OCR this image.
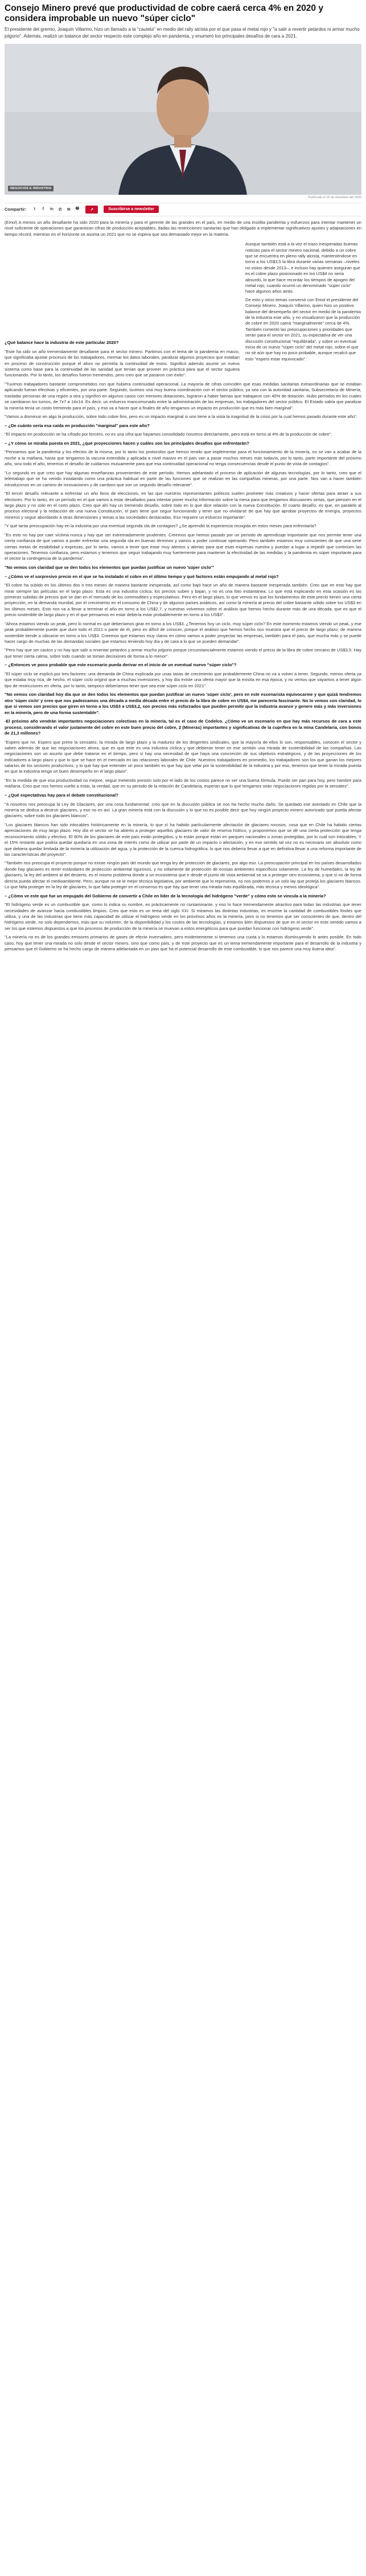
Consejo Minero prevé que productividad de cobre caerá cerca 4% en 2020 y considera improbable un nuevo "súper ciclo"

El presidente del gremio, Joaquín Villarino, hizo un llamado a la "cautela" en medio del rally alcista por el que pasa el metal rojo y "a salir a revertir petardos ni armar mucho jolgorio". Además, realizó un balance del sector respecto este complejo año en pandemia, y enumeró los principales desafíos de cara a 2021.

NEGOCIOS E INDUSTRIA
Publicado el 18 de diciembre del 2020
Compartir:	t	f	in ✆ ✉ 🖶	↗	Suscribirse a newsletter

(Emol) A menos un año desafiante ha sido 2020 para la minería y para el gerente de las grandes en el país, en medio de una insólita pandemia y esfuerzos para intentar mantener un nivel suficiente de operaciones que garantizan cifras de producción aceptables, dadas las restricciones sanitarias que han obligado a implementar significativos ajustes y adaptaciones en tiempo récord, mientras en el horizonte se asoma un 2021 que no se espera que sea demasiado mejor en la materia.

Aunque también está a la vez el trazo inesperadas buenas noticias para el sector minero nacional, debido a un cobre que se encuentra en pleno rally alcista, manteniéndose en torno a los US$3,5 la libra durante varias semanas –niveles no vistos desde 2013–, e incluso hay quienes aseguran que es el cobre plazo posicionado en los US$4 no sería absurdo, lo que hace recordar los tiempos de apogeo del metal rojo, cuando ocurrió un denominado "súper ciclo" hace algunos años atrás.

De esto y otros temas conversó con Emol el presidente del Consejo Minero, Joaquín Villarino, quien hizo un positivo balance del desempeño del sector en medio de la pandemia de la industria este año, y no visualizaron que la producción de cobre en 2020 caerá "marginalmente" cerca de 4%. También comentó las preocupaciones y prioridades que serán para el sector en 2021, su expectativa de ver una discusión constitucional "equilibrada", y sobre un eventual inicio de un nuevo "súper ciclo" del metal rojo, sobre el que no sé aún que hay no poco probable, aunque recalcó que esto "espero estar equivocado".

¿Qué balance hace la industria de este particular 2020?

"Este ha sido un año tremendamente desafiante para el sector minero. Partimos con el tema de la pandemia en marzo, que significaba ajustar procesos de los trabajadores, mermar los datos laborales, paralizar algunos proyectos que estaban en proceso de construcción porque el aforo no permitía la continuidad de estos. Significó además asumir un nuevo sistema como base para la continuidad de las sanidad que tenían que proveer en práctica para que el sector siguiera funcionando. Por lo tanto, los desafíos fueron tremendos, pero creo que se pasaron con éxito".

"Tuvimos trabajadores bastante comprometidos con que hubiera continuidad operacional. La mayoría de cifras coinciden que esas medidas sanitarias extraordinarias que se estaban aplicando fueran efectivas y eficientes, por una parte. Segundo, tuvimos una muy buena coordinación con el sector público, ya sea con la autoridad sanitaria, Subsecretaría de Minería, trasladar personas de una región a otra y significó en algunos casos con menores dotaciones, lograron a haber faenas que trabajaron con 40% de dotación. Hubo períodos en los cuales se cambiaron los turnos, de 7x7 a 14x14. Es decir, un esfuerzo mancomunado entre la administración de las empresas, los trabajadores del sector público. El Estado sabía que paralizar la minería tenía un costo tremendo para el país, y eso va a hacer que a finales de año tengamos un impacto en producción que es más bien marginal".

"Vamos a disminuir en algo la producción, sobre todo cobre fino, pero es un impacto marginal si uno tiene a la vista la magnitud de la crisis por la cual hemos pasado durante este año".

– ¿De cuánto sería esa caída en producción "marginal" para este año?

"El impacto en producción se ha cifrado por tercero, no es una cifra que hayamos consolidado nosotros directamente, pero está en torno al 4% de la producción de cobre".

– ¿Y cómo se miraba puesta en 2021, ¿qué proyecciones hacen y cuáles son los principales desafíos que enfrentarán?

"Pensamos que la pandemia y los efectos de la misma, por lo tanto los protocolos que hemos tenido que implementar para el funcionamiento de la minería, no se van a acabar de la noche a la mañana, hasta que tengamos la vacuna extendida y aplicada a nivel masivo en el país van a pasar muchos meses más todavía, por lo tanto, parte importante del próximo año, sino todo el año, tenemos el desafío de cuidarnos mutuamente para que esa continuidad operacional no tenga consecuencias desde el punto de vista de contagios".

"Lo segundo es que creo que hay algunas enseñanzas provenientes de este período. Hemos adelantado el proceso de aplicación de algunas tecnologías, por lo tanto, creo que el teletrabajo que se ha venido instalando como una práctica habitual en parte de las funciones que se realizan en las compañías mineras, por una parte. Nos van a hacer también introducirnos en un camino de innovaciones y de cambios que son un segundo desafío relevante".

"El tercer desafío relevante a enfrentar un año lleno de elecciones, en las que nuestros representantes políticos suelen prometer más creativos y hacer ofertas para atraer a sus electores. Por lo tanto, en un período en el que vamos a estar desafiados para intentar poner mucha información sobre la mesa para que tengamos discusiones serias, que piensen en el largo plazo y no solo en el corto plazo. Creo que ahí hay un tremendo desafío, sobre todo en lo que dice relación con la nueva Constitución. El cuarto desafío, es que, en paralelo al proceso electoral y la redacción de una nueva Constitución, el país tiene que seguir funcionando y tener que no olvidarse de que hay que aprobar proyectos de energía, proyectos mineros y seguir abordando a otras dimensiones y temas a las sociedades destacadas. Eso requiere un esfuerzo importante".

"Y qué tanta preocupación hay en la industria por una eventual segunda ola de contagios? ¿Se aprendió la experiencia recogida en estos meses para enfrentarla?

"Es esto no hay por caer víctima nunca y hay que ser extremadamente prudentes. Creemos que hemos pasado por un período de aprendizaje importante que nos permite tener una cierta confianza de que vamos a poder enfrentar una segunda ola en buenas términos y vamos a poder continuar operando. Pero también estamos muy conscientes de que una serie ciertas metas de estabilidad y expresas, por lo tanto, vamos a tener que estar muy atentos y alertas para que esas expresas nuestra y puedan a lugar a impedir que continúen las operaciones. Tenemos confianza, pero estamos y tenemos que seguir trabajando muy fuertemente para mantener la efectividad de las medidas y la pandemia es súper importante para el sector la contingencia de la pandemia".

"No vemos con claridad que se den todos los elementos que puedan justificar un nuevo 'súper ciclo'"

– ¿Cómo ve el sorpresivo precio en el que se ha instalado el cobre en el último tiempo y qué factores están empujando al metal rojo?

"El cobre ha subido en los últimos dos o tres meses de manera bastante inesperada, así como bajó hace un año de manera bastante inesperada también. Creo que en esto hay que mirar siempre las películas en el largo plazo. Esta es una industria cíclica, los precios suben y bajan, y no es una foto instantánea. Lo que está explicando en esta ocasión es las primeras subidas de precios que se dan en el mercado de los commodities y especulativos. Pero en el largo plazo, lo que vemos es que los fundamentos de este precio tienen una cierta proyección, en la demanda mundial, por el crecimiento en el consumo de China y de algunos países asiáticos, así como la minería al precio del cobre bastante sólido sobre los US$3 en los últimos meses. Esto nos va a llevar a terminar el año en torno a los US$2,7, y nuestras volvemos sobre el análisis que hemos hecho durante más de una década, que es que el precio sostenible de largo plazo y en el que pensamos en estar debería estar probablemente en torno a los US$3".

"Ahora estamos viendo un peak, pero lo normal es que deberíamos girar en torno a los US$3. ¿Tenemos hoy un ciclo, muy súper ciclo? En este momento estamos viendo un peak, y ese peak probablemente puede que dure todo el 2021 o parte de él, pero es difícil de conocer, porque el análisis que hemos hecho nos muestra que el precio de largo plazo, de manera sostenible tiende a ubicarse en torno a los US$3. Creemos que estamos muy claros en cómo vamos a poder proyectar las empresas, también para el país, que mucha más y se puede hacer cargo de muchas de las demandas sociales que estamos teniendo hoy día y de cara a lo que se pueden demandar".

"Pero hay que ser cautos y no hay que salir a reventar petardos y armar mucho jolgorio porque circunstancialmente estamos viendo el precio de la libra de cobre cercano de US$3,5. Hay que tener cierta calma, sobre todo cuando se toman decisiones de forma a lo menor".

– ¿Entonces ve poco probable que este escenario pueda derivar en el inicio de un eventual nuevo "súper ciclo"?

"El súper ciclo se explicó por tres factores: una demanda de China explicada por unas tasas de crecimiento que probablemente China no va a volver a tener. Segundo, menos oferta ya que estaba muy rica, de hecho, el súper ciclo originó que a muchas inversiones, y hoy día existe una oferta mayor que la existía en esa época, y no vemos que vayamos a tener algún tipo de restricciones en oferta, por lo tanto, tampoco deberíamos tener que sea este súper ciclo en 2021".

"No vemos con claridad hoy día que se den todos los elementos que puedan justificar un nuevo 'súper ciclo', pero en este escenarista equivocarme y que quizá tendremos otro 'súper ciclo' y creo que nos padezcamos una década a media década entre el precio de la libra de cobre en US$4, me parecería fascinante. No lo vemos con claridad, lo que si vemos son precios que giren en torno a los US$3 a US$3,2, son precios más esforzados que pueden permitir que la industria avance y genere más y más inversiones en la minería, pero de una forma sustentable".

-El próximo año vendrán importantes negociaciones colectivas en la minería, tal es el caso de Codelco. ¿Cómo ve un escenario en que hay más recursos de cara a este proceso, considerando el valor justamente del cobre en este buen precio del cobre, 2 (Mineras) importantes y significativas de la cuprífera en la mina Candelaria, con bonos de 21,3 millones?

"Espero que no. Espero que prime la sensatez, la mirada de largo plazo y la madurez de los dirigentes sindicales, que la mayoría de ellos lo son, responsables, conocen el sector y saben además de que las negociaciones ahora, que es que este es una industria cíclica y que debieran tener en ese sentido una mirada de sostenibilidad de las compañías. Las negociaciones son un asunto que debe tratarse en el tiempo, pero sí hay una necesidad de que haya una concreción de sus objetivos estratégicos, y de las proyecciones de los indicadores a largo plazo y que lo que se hace en el mercado en las relaciones laborales de Chile. Nuestros trabajadores en promedio, los trabajadores son los que ganan los mejores salarios de los sectores productivos, y lo que hay que entender un poco también es que hay que velar por la sostenibilidad de la industria y por eso, tenemos que tener la mirada puesta en que la industria tenga un buen desempeño en el largo plazo".

"En la medida de que esa productividad no mejore, seguir metiendo presión solo por el lado de los costos parece no ser una buena fórmula. Puedo ser pan para hoy, pero hambre para mañana. Creo que nos hemos vuelto a estar, la verdad, que en su periodo de la relación de Candelaria, esperan que lo que tengamos sean negociaciones regidas por la sensatez".

– ¿Qué expectativas hay para el debate constitucional?

"A nosotros nos preocupa la Ley de Glaciares, por una cosa fundamental: creo que en la discusión pública se nos ha hecho mucho daño. Se quedado ese asentado en Chile que la minería se dedica a destruir glaciares, y eso no es así. La gran minería está con la discusión y lo que no es posible decir que hoy ningún proyecto minero autorizado que pueda afectar glaciares, sobre todo los glaciares blancos".

"Los glaciares blancos han sido intocables históricamente en la minería, lo que sí ha habido partícularmente afectación de glaciares rocosos, cosa que en Chile ha habido ciertas apreciaciones de muy largo plazo. Hoy día el sector se ha abierto a proteger aquellos glaciares de valor de reserva hídrico, y proponemos que se dé una cierta protección que tenga reconocimiento sólido y efectivo. El 80% de los glaciares de este país están protegidos, y lo están porque están en parques nacionales o zonas protegidas, por lo cual son intocables. Y el 15% restante que podría quedar quedaría en una zona de interés como de utilizar por parte de un impacto o afectación, y en ese sentido tal vez no es necesario ser absoluto como que debiera quedar limitada de la minería la utilización del agua, y la protección de la cuenca hidrográfica, lo que nos debería llevar a que en definitiva llevar a una reforma importante de las características del proyecto".

"También nos preocupa el proyecto porque no existe ningún país del mundo que tenga ley de protección de glaciares, por algo eso. La preocupación principal en los países desarrollados donde hay glaciares es tener estándares de protección ambiental rigurosos, y no sólamente de protección de ecosas ambientes específicos solamente. La ley de humedales, la ley de glaciares, la ley del ambient al del desierto, es el mismo problema donde a un ecosistema que ir desde el punto de vista ambiental se va a proteger otro ecosistema, y que si no de forma directa pueda afectar el medioambiente. Pero, aunque no se le mejor técnica legislativa, por ambiente que lo representa, no nos podemos a un solo lay que proteja los glaciares blancos. Lo que falta proteger en la ley de glaciares, lo que falta proteger en el consenso es que hay que tener una mirada más equilibrada, más técnica y menos ideológica".

– ¿Cómo ve este que fue un empujado del Gobierno de convertir a Chile en líder de la tecnología del hidrógeno "verde" y cómo esto se vincula a la minería?

"El hidrógeno verde es un combustible que, como lo indica su nombre, es prácticamente no contaminante, y eso lo hace tremendamente atractivo para todas las industrias que tener necesidades de avanzar hacia combustibles limpios. Creo que esto es un tema del siglo XXI. Si miramos las distintas industrias, es enorme la cantidad de combustibles fósiles que utiliza, y una de las industrias que tiene más capacidad de utilizar el hidrógeno verde en los próximos años es la minería, pero si no tenemos que ser conscientes de que, dentro del hidrógeno verde, no solo dependemos, más que su volumen, de la disponibilidad y los costos de las tecnologías, y estamos bien dispuestos de que en el sector en este sentido vamos a ser los que estemos dispuestos a que los procesos de producción de la minería se muevan a estos energéticos para que puedan funcionar con hidrógeno verde".

"La minería no es de los grandes emisores primarios de gases de efecto invernadero, pero evidentemente si tenemos una cuota y lo estamos disminuyendo lo antes posible. En todo caso, hoy que tener una mirada no solo desde el sector minero, sino que como país, y de este proyecto que es un tema tremendamente importante para el desarrollo de la industria y pensamos que el Gobierno se ha hecho cargo de manera adelantada en un plan que ha el potencial desarrollo de este combustible, lo que nos parece una muy buena idea".
